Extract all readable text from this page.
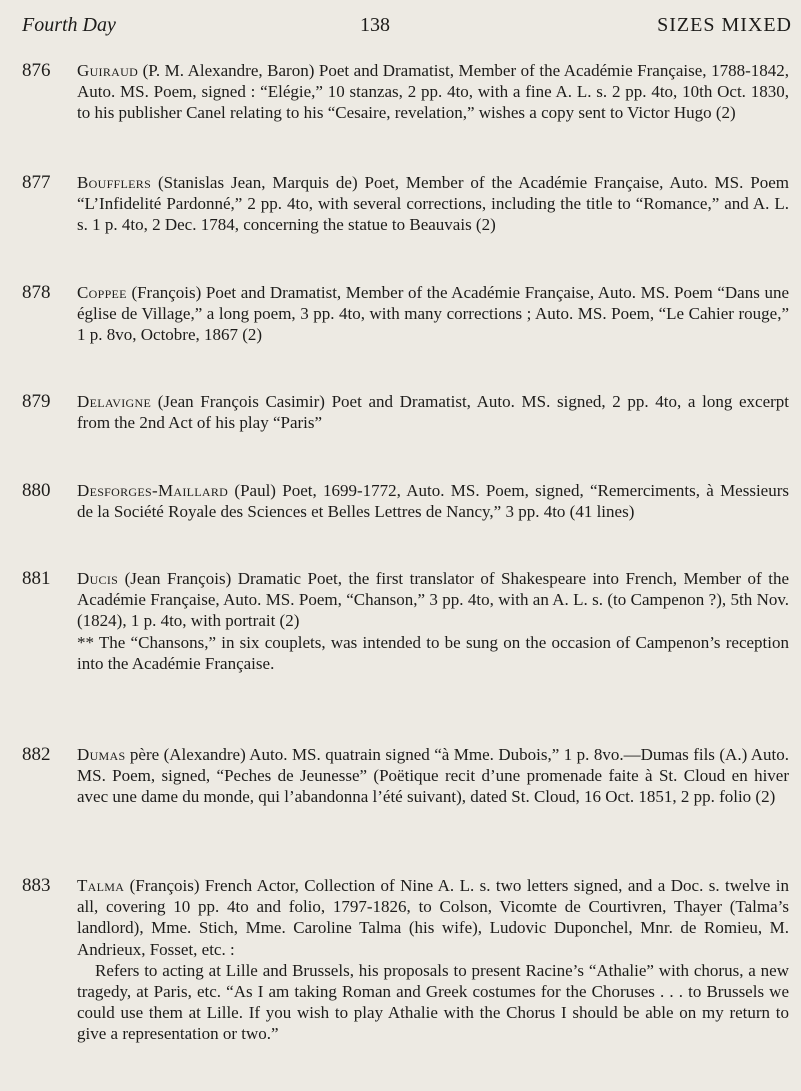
Fourth Day	138	SIZES MIXED
876 Guiraud (P. M. Alexandre, Baron) Poet and Dramatist, Member of the Académie Française, 1788-1842, Auto. MS. Poem, signed : “Elégie,” 10 stanzas, 2 pp. 4to, with a fine A. L. s. 2 pp. 4to, 10th Oct. 1830, to his publisher Canel relating to his “Cesaire, revelation,” wishes a copy sent to Victor Hugo (2)

877 Boufflers (Stanislas Jean, Marquis de) Poet, Member of the Académie Française, Auto. MS. Poem “L’Infidelité Pardonné,” 2 pp. 4to, with several corrections, including the title to “Romance,” and A. L. s. 1 p. 4to, 2 Dec. 1784, concerning the statue to Beauvais (2)

878 Coppee (François) Poet and Dramatist, Member of the Académie Française, Auto. MS. Poem “Dans une église de Village,” a long poem, 3 pp. 4to, with many corrections ; Auto. MS. Poem, “Le Cahier rouge,” 1 p. 8vo, Octobre, 1867 (2)

879 Delavigne (Jean François Casimir) Poet and Dramatist, Auto. MS. signed, 2 pp. 4to, a long excerpt from the 2nd Act of his play “Paris”

880 Desforges-Maillard (Paul) Poet, 1699-1772, Auto. MS. Poem, signed, “Remerciments, à Messieurs de la Société Royale des Sciences et Belles Lettres de Nancy,” 3 pp. 4to (41 lines)

881 Ducis (Jean François) Dramatic Poet, the first translator of Shakespeare into French, Member of the Académie Française, Auto. MS. Poem, “Chanson,” 3 pp. 4to, with an A. L. s. (to Campenon ?), 5th Nov. (1824), 1 p. 4to, with portrait (2)

** The “Chansons,” in six couplets, was intended to be sung on the occasion of Campenon’s reception into the Académie Française.

882 Dumas père (Alexandre) Auto. MS. quatrain signed “à Mme. Dubois,” 1 p. 8vo.—Dumas fils (A.) Auto. MS. Poem, signed, “Peches de Jeunesse” (Poëtique recit d’une promenade faite à St. Cloud en hiver avec une dame du monde, qui l’abandonna l’été suivant), dated St. Cloud, 16 Oct. 1851, 2 pp. folio (2)

883 Talma (François) French Actor, Collection of Nine A. L. s. two letters signed, and a Doc. s. twelve in all, covering 10 pp. 4to and folio, 1797-1826, to Colson, Vicomte de Courtivren, Thayer (Talma’s landlord), Mme. Stich, Mme. Caroline Talma (his wife), Ludovic Duponchel, Mnr. de Romieu, M. Andrieux, Fosset, etc. :

Refers to acting at Lille and Brussels, his proposals to present Racine’s “Athalie” with chorus, a new tragedy, at Paris, etc. “As I am taking Roman and Greek costumes for the Choruses . . . to Brussels we could use them at Lille. If you wish to play Athalie with the Chorus I should be able on my return to give a representation or two.”
